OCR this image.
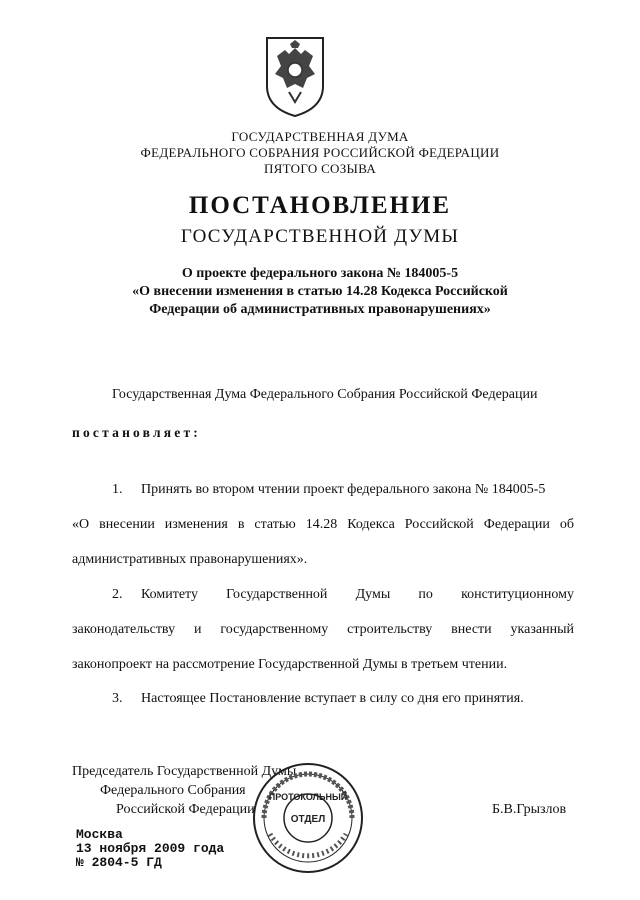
ГОСУДАРСТВЕННАЯ ДУМА
ФЕДЕРАЛЬНОГО СОБРАНИЯ РОССИЙСКОЙ ФЕДЕРАЦИИ
ПЯТОГО СОЗЫВА
ПОСТАНОВЛЕНИЕ
ГОСУДАРСТВЕННОЙ ДУМЫ
О проекте федерального закона № 184005-5
«О внесении изменения в статью 14.28 Кодекса Российской
Федерации об административных правонарушениях»
Государственная Дума Федерального Собрания Российской Федерации
постановляет:
1. Принять во втором чтении проект федерального закона № 184005-5
«О внесении изменения в статью 14.28 Кодекса Российской Федерации об
административных правонарушениях».
2. Комитету Государственной Думы по конституционному
законодательству и государственному строительству внести указанный
законопроект на рассмотрение Государственной Думы в третьем чтении.
3. Настоящее Постановление вступает в силу со дня его принятия.
Председатель Государственной Думы
Федерального Собрания
Российской Федерации	Б.В.Грызлов
ПРОТОКОЛЬНЫЙ
ОТДЕЛ
Москва
13 ноября 2009 года
№ 2804-5 ГД
